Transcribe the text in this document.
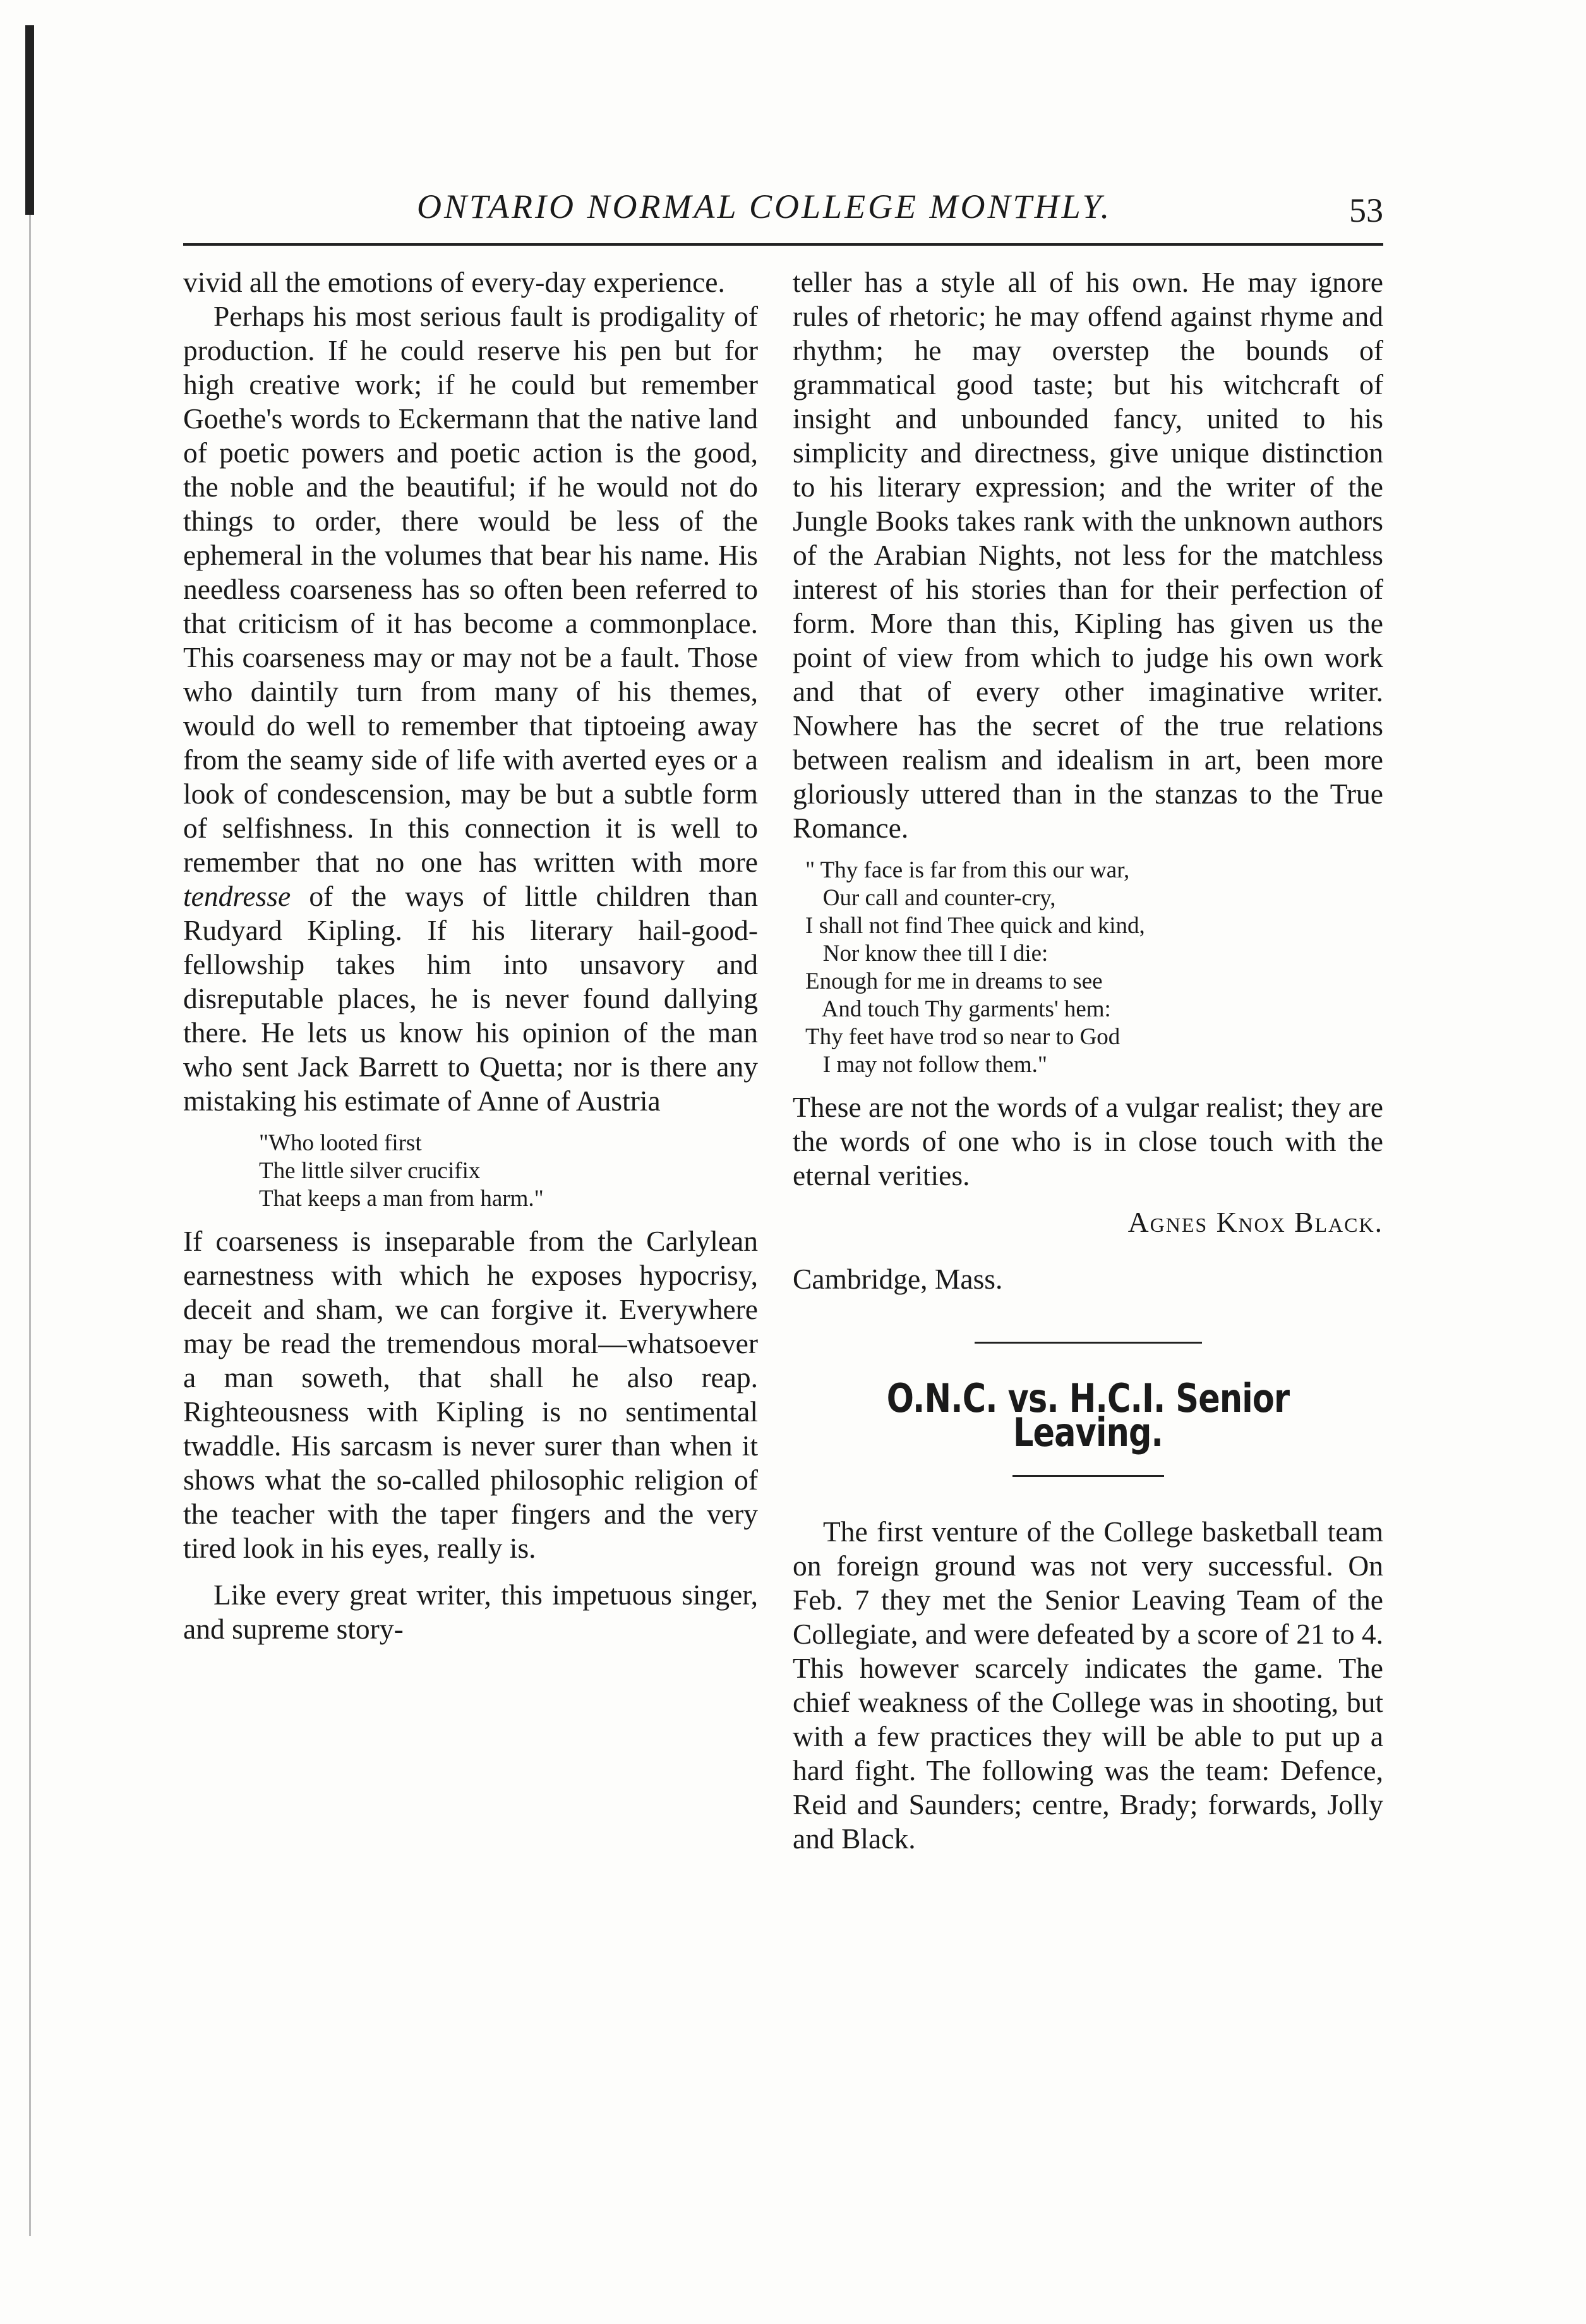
ONTARIO NORMAL COLLEGE MONTHLY.	53

vivid all the emotions of every-day experience.

Perhaps his most serious fault is prodigality of production. If he could reserve his pen but for high creative work; if he could but remember Goethe's words to Eckermann that the native land of poetic powers and poetic action is the good, the noble and the beautiful; if he would not do things to order, there would be less of the ephemeral in the volumes that bear his name. His needless coarseness has so often been referred to that criticism of it has become a commonplace. This coarseness may or may not be a fault. Those who daintily turn from many of his themes, would do well to remember that tiptoeing away from the seamy side of life with averted eyes or a look of condescension, may be but a subtle form of selfishness. In this connection it is well to remember that no one has written with more tendresse of the ways of little children than Rudyard Kipling. If his literary hail-good-fellowship takes him into unsavory and disreputable places, he is never found dallying there. He lets us know his opinion of the man who sent Jack Barrett to Quetta; nor is there any mistaking his estimate of Anne of Austria

"Who looted first
The little silver crucifix
That keeps a man from harm."

If coarseness is inseparable from the Carlylean earnestness with which he exposes hypocrisy, deceit and sham, we can forgive it. Everywhere may be read the tremendous moral—whatsoever a man soweth, that shall he also reap. Righteousness with Kipling is no sentimental twaddle. His sarcasm is never surer than when it shows what the so-called philosophic religion of the teacher with the taper fingers and the very tired look in his eyes, really is.

Like every great writer, this impetuous singer, and supreme story-

teller has a style all of his own. He may ignore rules of rhetoric; he may offend against rhyme and rhythm; he may overstep the bounds of grammatical good taste; but his witchcraft of insight and unbounded fancy, united to his simplicity and directness, give unique distinction to his literary expression; and the writer of the Jungle Books takes rank with the unknown authors of the Arabian Nights, not less for the matchless interest of his stories than for their perfection of form. More than this, Kipling has given us the point of view from which to judge his own work and that of every other imaginative writer. Nowhere has the secret of the true relations between realism and idealism in art, been more gloriously uttered than in the stanzas to the True Romance.

" Thy face is far from this our war,
Our call and counter-cry,
I shall not find Thee quick and kind,
Nor know thee till I die:
Enough for me in dreams to see
And touch Thy garments' hem:
Thy feet have trod so near to God
I may not follow them."

These are not the words of a vulgar realist; they are the words of one who is in close touch with the eternal verities.

Agnes Knox Black.
Cambridge, Mass.
O.N.C. vs. H.C.I. Senior Leaving.

The first venture of the College basketball team on foreign ground was not very successful. On Feb. 7 they met the Senior Leaving Team of the Collegiate, and were defeated by a score of 21 to 4. This however scarcely indicates the game. The chief weakness of the College was in shooting, but with a few practices they will be able to put up a hard fight. The following was the team: Defence, Reid and Saunders; centre, Brady; forwards, Jolly and Black.
